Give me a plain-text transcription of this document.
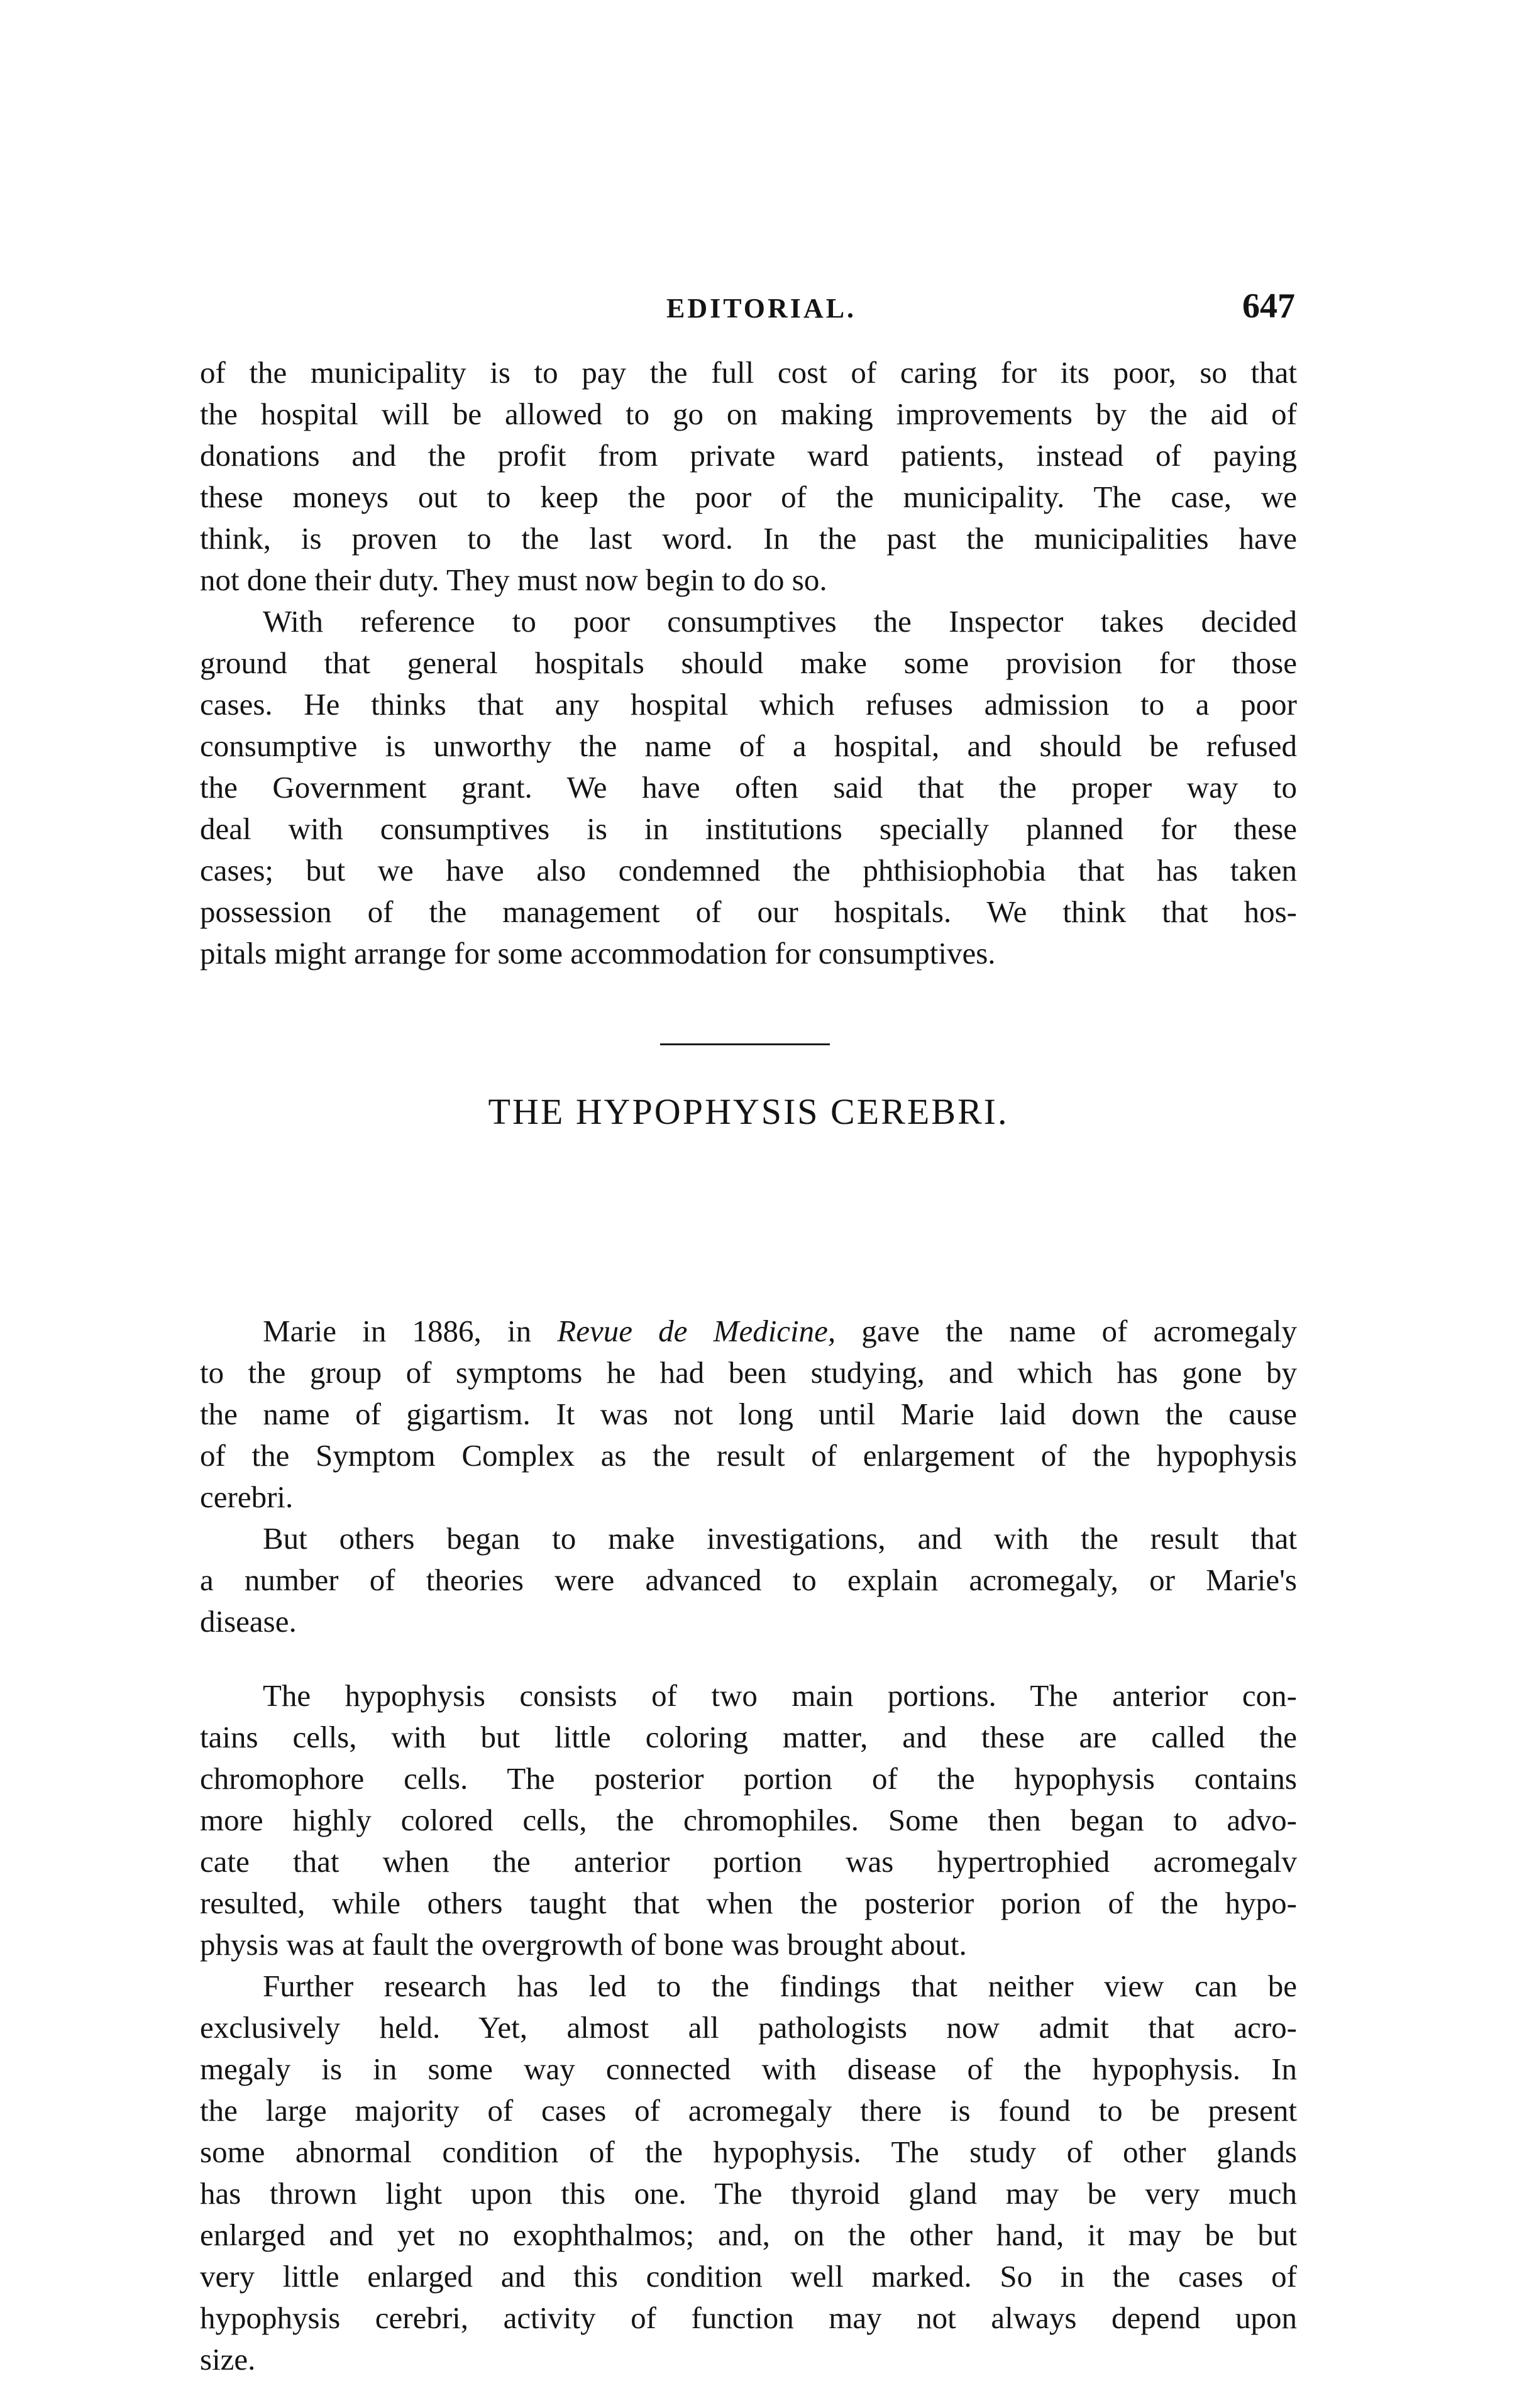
EDITORIAL.	647
of the municipality is to pay the full cost of caring for its poor, so that
the hospital will be allowed to go on making improvements by the aid of
donations and the profit from private ward patients, instead of paying
these moneys out to keep the poor of the municipality. The case, we
think, is proven to the last word. In the past the municipalities have
not done their duty. They must now begin to do so.
With reference to poor consumptives the Inspector takes decided
ground that general hospitals should make some provision for those
cases. He thinks that any hospital which refuses admission to a poor
consumptive is unworthy the name of a hospital, and should be refused
the Government grant. We have often said that the proper way to
deal with consumptives is in institutions specially planned for these
cases; but we have also condemned the phthisiophobia that has taken
possession of the management of our hospitals. We think that hos-
pitals might arrange for some accommodation for consumptives.
THE HYPOPHYSIS CEREBRI.
Marie in 1886, in Revue de Medicine, gave the name of acromegaly
to the group of symptoms he had been studying, and which has gone by
the name of gigartism. It was not long until Marie laid down the cause
of the Symptom Complex as the result of enlargement of the hypophysis
cerebri.
But others began to make investigations, and with the result that
a number of theories were advanced to explain acromegaly, or Marie's
disease.
The hypophysis consists of two main portions. The anterior con-
tains cells, with but little coloring matter, and these are called the
chromophore cells. The posterior portion of the hypophysis contains
more highly colored cells, the chromophiles. Some then began to advo-
cate that when the anterior portion was hypertrophied acromegalv
resulted, while others taught that when the posterior porion of the hypo-
physis was at fault the overgrowth of bone was brought about.
Further research has led to the findings that neither view can be
exclusively held. Yet, almost all pathologists now admit that acro-
megaly is in some way connected with disease of the hypophysis. In
the large majority of cases of acromegaly there is found to be present
some abnormal condition of the hypophysis. The study of other glands
has thrown light upon this one. The thyroid gland may be very much
enlarged and yet no exophthalmos; and, on the other hand, it may be but
very little enlarged and this condition well marked. So in the cases of
hypophysis cerebri, activity of function may not always depend upon
size.
